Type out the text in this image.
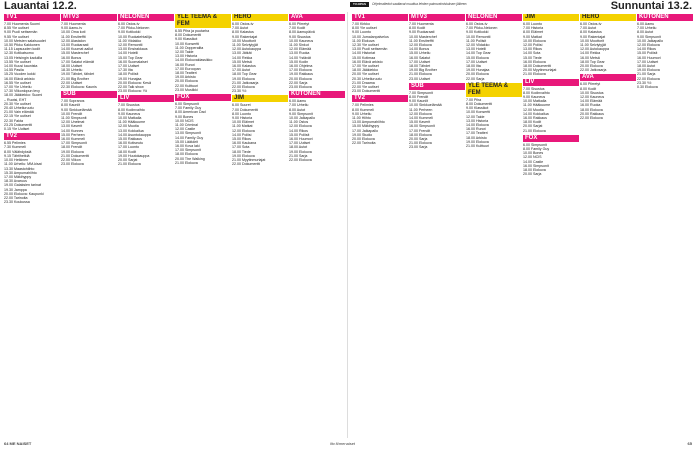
Lauantai 12.2.	TV-OPAS	Ohjelmatiedot saattavat muuttua lehden painovalmistuksen jälkeen.	Sunnuntai 13.2.
TV1
7.00 Huomenta Suomi
8.55 Yle uutiset
9.00 Puoli seitsemän
9.55 Yle uutiset
10.00 Metsien salaisuudet
10.50 Pikku Kakkonen
11.15 Lapsuuden kodit
12.30 Kotikatsomo
13.05 Helsingin kaduilla
13.55 Yle uutiset
14.00 Kuusi kaunista
14.55 Pasila
15.25 Vuoden kokki
16.00 Elävä arkisto
16.55 Yle uutiset
17.00 Yle Urheilu
17.30 Viikonlopun levy
18.00 Jääkiekko: Suomi
– Ruotsi, EHT
20.30 Yle uutiset
20.40 Urheiluruutu
21.00 Vain elämää
22.15 Yle uutiset
22.30 Fakta
23.25 Dokumentti
0.15 Yle Uutiset
TV2
6.55 Pelimies
7.30 Kummeli
8.00 Välähdyksiä
9.15 Tähtihetkiä
10.00 Hetkinen
11.00 Urheilu: MM-kisat
13.30 Maastohiihto
15.30 Ampumahiihto
17.00 Mäkihyppy
18.30 Avaruus
19.00 Galaksien tarinat
19.30 Jamppa
20.00 Elokuva: Kaupunki
22.00 Tarinoita
23.30 Koukussa
MTV3
7.00 Huomenta
9.00 Aamu-tv
10.00 Oma koti
11.00 Ensitreffit
12.00 Alastalon
13.00 Ruokaraati
14.00 Kuumat aallot
15.00 Masterchef
16.00 Bonus
17.00 Salatut elämät
18.00 Uutiset
18.30 Urheilu
19.00 Tähdet, tähdet
21.00 Big Brother
22.00 Uutiset
22.30 Elokuva: Kaunis
SUB
7.00 Sopranos
8.00 Kauniit
9.00 Sinkkuelämää
10.00 Frendit
11.00 Simpsonit
12.00 Unelmat
13.00 Kaverit
14.00 Kunnes
15.00 Perheen
16.00 Kummeli
17.00 Simpsonit
18.00 Frendit
19.00 Elokuva
21.00 Dokumentti
22.00 Viikon
23.00 Elokuva
NELONEN
6.00 Ostos-tv
7.00 Pikku-Nelonen
9.00 Kotikokki
10.00 Ruokatehtailija
11.00 Viidakko
12.00 Remontti
13.00 Ensirakkaus
14.00 Hotelli
15.00 Top Gear
16.00 Suomalaiset
17.00 Uutiset
17.30 Ilta
18.00 Poliisit
19.00 Hunajaa
20.00 Elokuva: Kesä
22.00 Talk show
23.00 Elokuva: Yö
LIV
7.00 Sisustus
8.00 Kodinvaihto
9.00 Kauneus
10.00 Matkalla
11.00 Hääkuume
12.00 Muotia
13.00 Kokkailua
14.00 Asuntokauppa
15.00 Rakkaus
16.00 Kotiseutu
17.00 Luonto
18.00 Kodit
19.00 Huutokauppa
20.00 Sarjat
21.00 Elokuva
YLE TEEMA & FEM
6.55 Piha ja puutarha
8.00 Dokumentti
9.00 Klassikot
10.00 Konsertti
11.00 Oopperailta
12.00 Taide
13.00 Historia
14.00 Elokuvaklassikko
16.00 Runot
17.00 Euroopan
18.00 Teatteri
19.00 Arkisto
20.00 Elokuva
22.00 Kulttuuri
23.00 Musiikki
FOX
6.00 Simpsonit
7.00 Family Guy
8.00 American Dad
9.00 Bones
10.00 NCIS
11.00 Criminal
12.00 Castle
13.00 Simpsonit
14.00 Family Guy
15.00 Lääkärit
16.00 Kova laki
17.00 Simpsonit
18.00 Elokuva
20.00 The Walking
21.00 Elokuva
HERO
6.00 Ostos-tv
7.00 Autot
8.00 Kalastus
9.00 Rakentajat
10.00 Moottorit
11.00 Selviytyjät
12.00 Autokauppa
13.00 Jätkät
14.00 Rekka
15.00 Metsä
16.00 Kalastus
17.00 Autot
18.00 Top Gear
19.00 Elokuva
21.00 Jatkosarja
22.00 Elokuva
23.30 Yö
JIM
6.00 Suuret
7.00 Dokumentti
8.00 Luonto
9.00 Historia
10.00 Eläimet
11.00 Matkat
12.00 Elokuva
14.00 Poliisi
15.00 Rikos
16.00 Kaukana
17.00 Sota
18.00 Tiede
19.00 Elokuva
21.00 Myytinmurtajat
22.00 Dokumentti
AVA
6.00 Piirretyt
7.00 Kodit
8.00 Aamupäivä
9.00 Sisustus
10.00 Kauneus
11.00 Sinkut
12.00 Elämää
13.00 Ruoka
14.00 Ystävät
15.00 Kodin
16.00 Ohjelma
17.00 Elokuva
19.00 Rakkaus
20.00 Elokuva
22.00 Sarja
23.00 Elokuva
KUTONEN
6.00 Aamu
7.00 Urheilu
8.00 Autot
9.00 Simpsonit
10.00 Jalkapallo
11.00 Ostos
12.00 Elokuva
14.00 Rikos
15.00 Poliisit
16.00 Huumori
17.00 Uutiset
18.00 Autot
19.00 Elokuva
21.00 Sarja
22.00 Elokuva
TV1
7.00 Kirkko
8.00 Yle uutiset
9.00 Luonto
10.00 Jumalanpalvelus
11.00 Elokuva
12.30 Yle uutiset
13.00 Puoli seitsemän
14.00 Historiat
15.00 Kotimaa
16.00 Elävä arkisto
17.00 Yle uutiset
18.00 Jääkiekko
20.00 Yle uutiset
20.30 Urheiluruutu
21.00 Draama
22.00 Yle uutiset
23.00 Dokumentti
TV2
7.00 Pelimies
8.00 Kummeli
9.00 Urheilu
11.00 Hiihto
13.00 Ampumahiihto
15.00 Mäkihyppy
17.00 Jalkapallo
19.00 Studio
20.00 Elokuva
22.00 Tarinoita
MTV3
7.00 Huomenta
8.00 Kodit
9.00 Ruokaraati
10.00 Masterchef
11.00 Ensitreffit
12.00 Elokuva
14.00 Bonus
15.00 Urheilu
16.00 Salatut
17.00 Uutiset
18.00 Tähdet
19.00 Big Brother
21.00 Elokuva
23.00 Uutiset
SUB
7.00 Simpsonit
8.00 Frendit
9.00 Kauniit
10.00 Sinkkuelämää
11.00 Perheen
12.00 Elokuva
14.00 Kummeli
15.00 Kaverit
16.00 Simpsonit
17.00 Frendit
18.00 Elokuva
20.00 Sarja
21.00 Elokuva
23.00 Sarja
NELONEN
6.00 Ostos-tv
7.00 Pikku-Nelonen
9.00 Kotikokki
10.00 Remontti
11.00 Poliisit
12.00 Viidakko
13.00 Hotelli
14.00 Top Gear
15.00 Elokuva
17.00 Uutiset
18.00 Ilta
19.00 Hunajaa
20.00 Elokuva
22.00 Sarja
YLE TEEMA & FEM
7.00 Piha
8.00 Dokumentti
9.00 Klassikot
10.00 Konsertti
12.00 Taide
13.00 Historia
14.00 Elokuva
16.00 Runot
17.00 Teatteri
18.00 Arkisto
19.00 Elokuva
21.00 Kulttuuri
JIM
6.00 Luonto
7.00 Historia
8.00 Eläimet
9.00 Matkat
10.00 Elokuva
12.00 Poliisi
13.00 Rikos
14.00 Sota
15.00 Tiede
16.00 Elokuva
18.00 Dokumentti
20.00 Myytinmurtajat
21.00 Elokuva
LIV
7.00 Sisustus
8.00 Kodinvaihto
9.00 Kauneus
10.00 Matkalla
11.00 Hääkuume
12.00 Muotia
14.00 Kokkailua
16.00 Rakkaus
18.00 Kodit
20.00 Sarjat
21.00 Elokuva
FOX
6.00 Simpsonit
8.00 Family Guy
10.00 Bones
12.00 NCIS
14.00 Castle
16.00 Simpsonit
18.00 Elokuva
20.00 Sarja
HERO
6.00 Ostos-tv
7.00 Autot
8.00 Kalastus
9.00 Rakentajat
10.00 Moottorit
11.00 Selviytyjät
12.00 Autokauppa
14.00 Rekka
16.00 Metsä
18.00 Top Gear
20.00 Elokuva
22.00 Jatkosarja
AVA
6.00 Piirretyt
8.00 Kodit
10.00 Sisustus
12.00 Kauneus
14.00 Elämää
16.00 Ruoka
18.00 Elokuva
20.00 Rakkaus
22.00 Elokuva
KUTONEN
6.00 Aamu
7.00 Urheilu
8.00 Autot
9.00 Simpsonit
10.00 Jalkapallo
12.00 Elokuva
14.00 Rikos
15.00 Poliisit
16.00 Huumori
17.00 Uutiset
18.00 Autot
19.00 Elokuva
21.00 Sarja
22.00 Elokuva
23.30 Yö
0.30 Elokuva
64 ME NAISET	iltv.fi/menaiset	65
